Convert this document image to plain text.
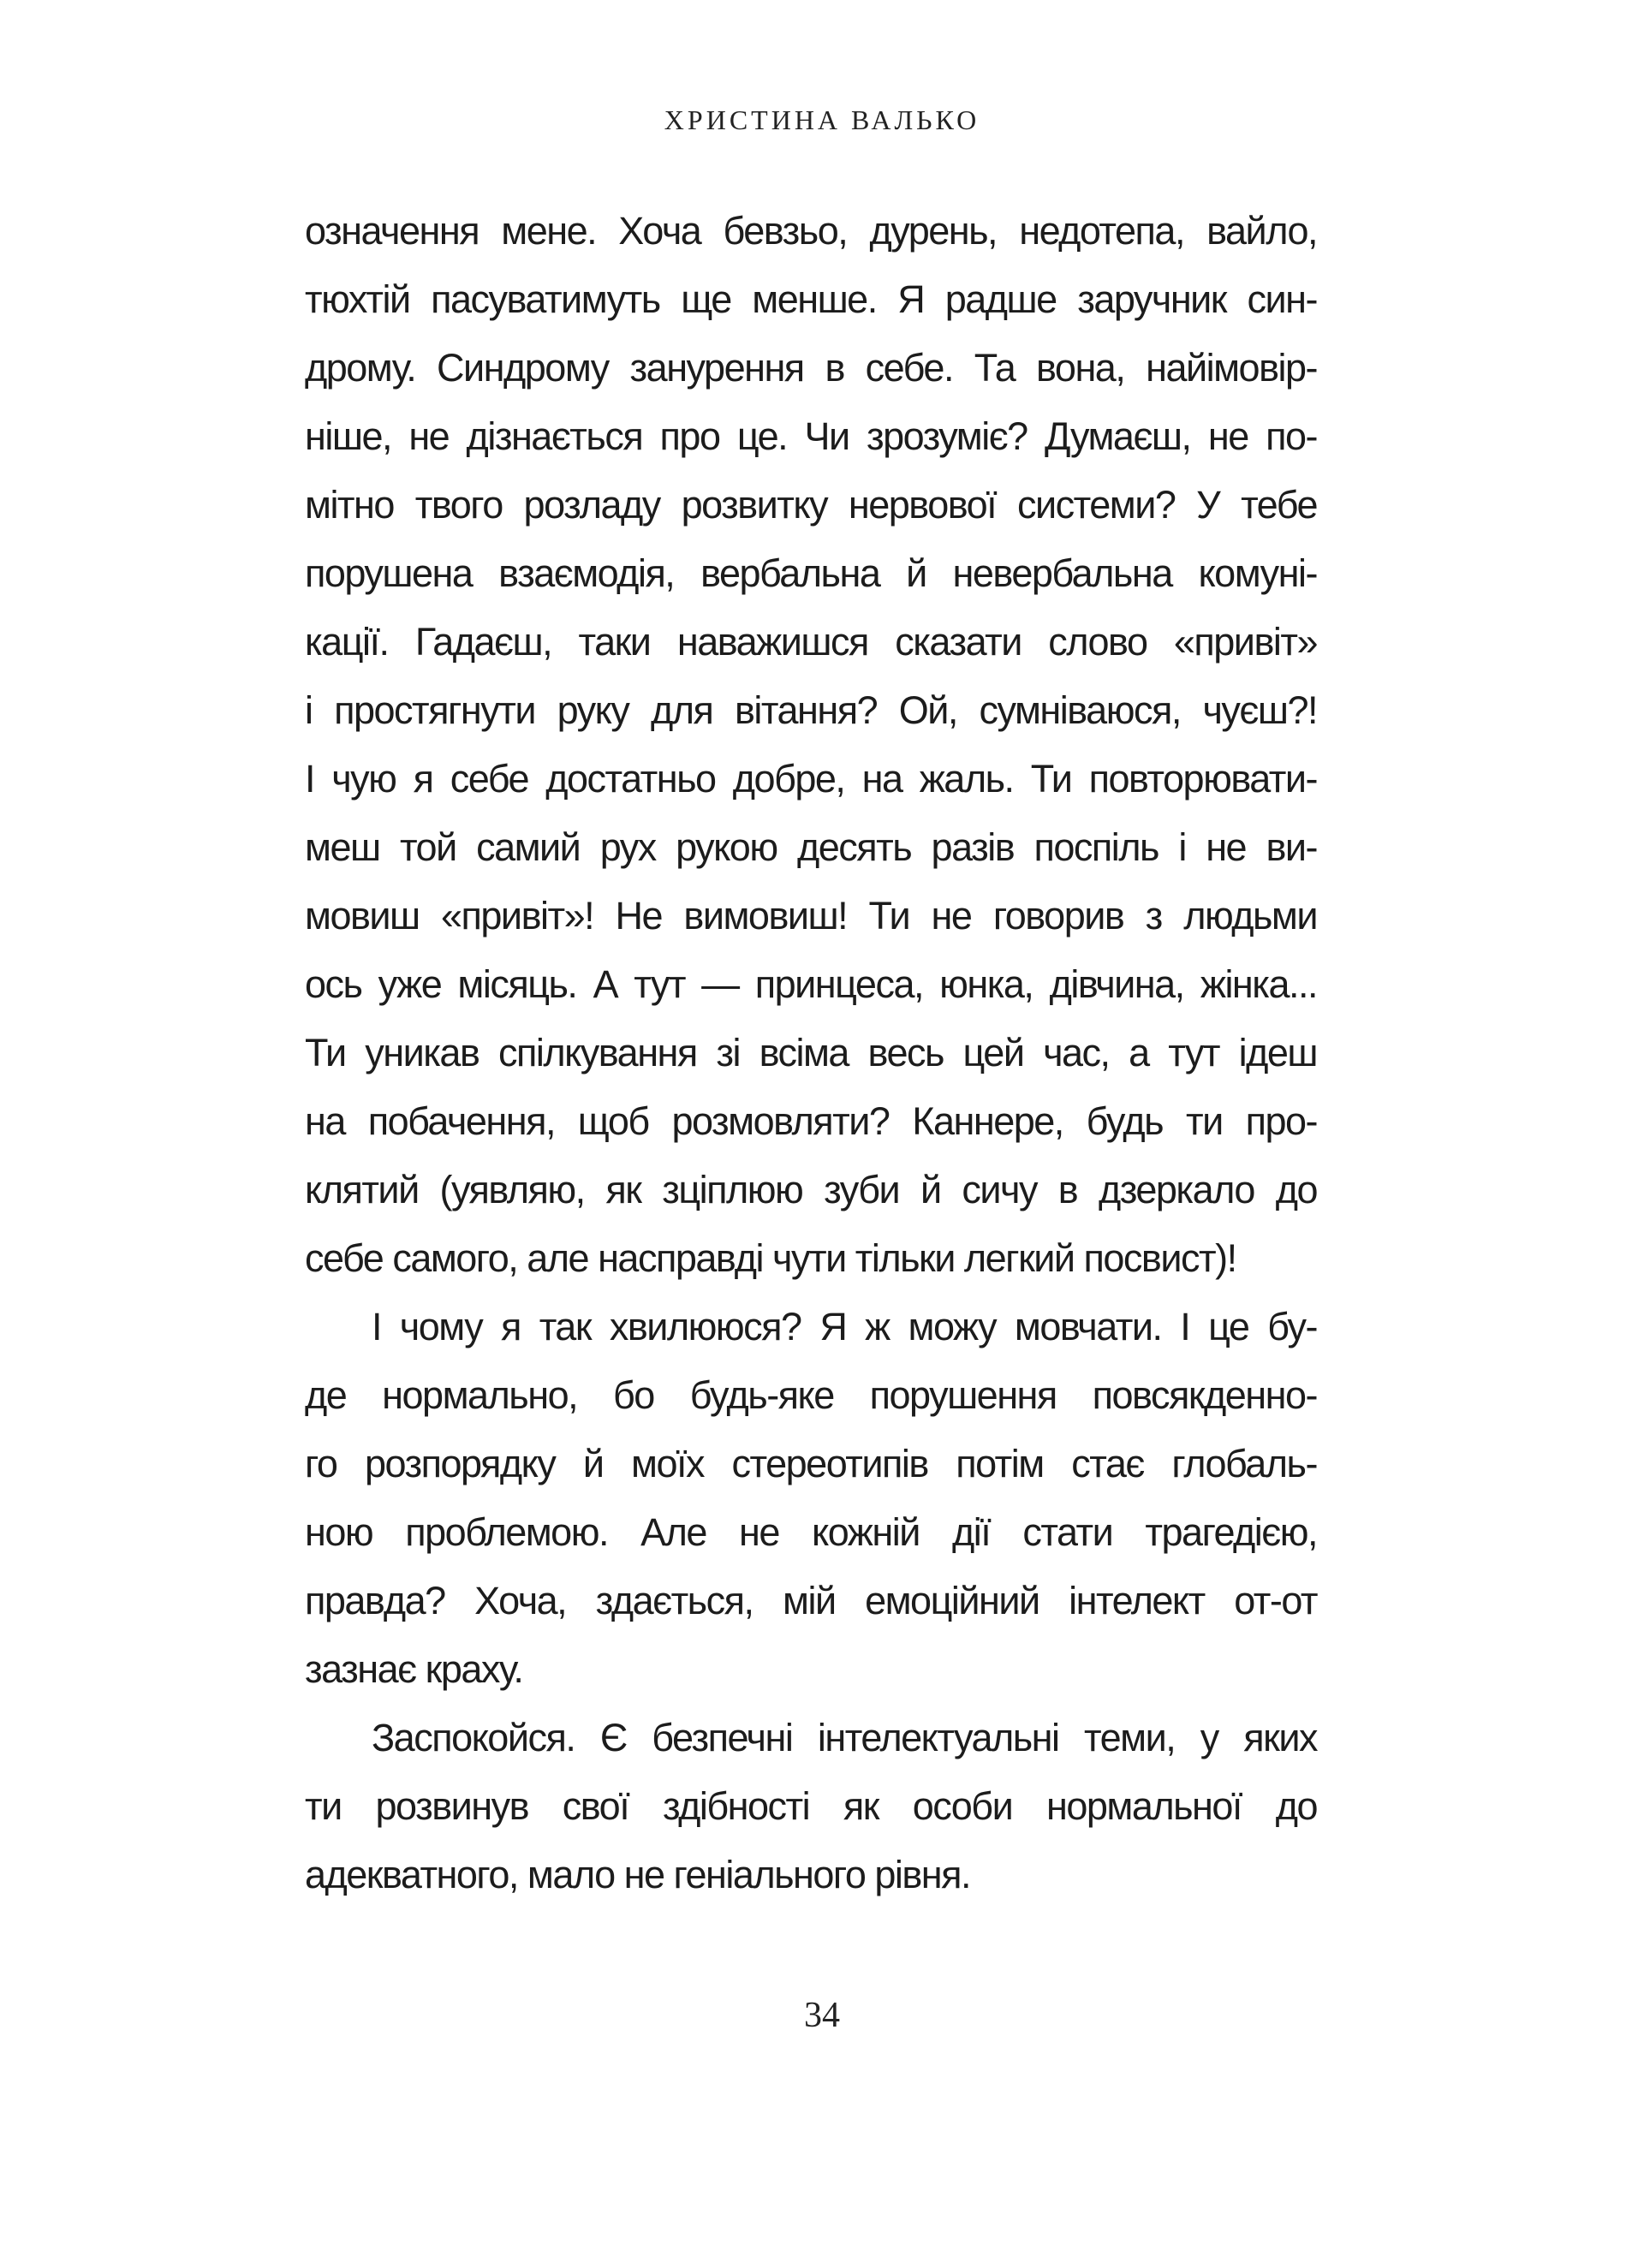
ХРИСТИНА ВАЛЬКО
означення мене. Хоча бевзьо, дурень, недотепа, вайло,
тюхтій пасуватимуть ще менше. Я радше заручник син-
дрому. Синдрому занурення в себе. Та вона, найімовір-
ніше, не дізнається про це. Чи зрозуміє? Думаєш, не по-
мітно твого розладу розвитку нервової системи? У тебе
порушена взаємодія, вербальна й невербальна комуні-
кації. Гадаєш, таки наважишся сказати слово «привіт»
і простягнути руку для вітання? Ой, сумніваюся, чуєш?!
І чую я себе достатньо добре, на жаль. Ти повторювати-
меш той самий рух рукою десять разів поспіль і не ви-
мовиш «привіт»! Не вимовиш! Ти не говорив з людьми
ось уже місяць. А тут — принцеса, юнка, дівчина, жінка...
Ти уникав спілкування зі всіма весь цей час, а тут ідеш
на побачення, щоб розмовляти? Каннере, будь ти про-
клятий (уявляю, як зціплюю зуби й сичу в дзеркало до
себе самого, але насправді чути тільки легкий посвист)!
І чому я так хвилююся? Я ж можу мовчати. І це бу-
де нормально, бо будь-яке порушення повсякденно-
го розпорядку й моїх стереотипів потім стає глобаль-
ною проблемою. Але не кожній дії стати трагедією,
правда? Хоча, здається, мій емоційний інтелект от-от
зазнає краху.
Заспокойся. Є безпечні інтелектуальні теми, у яких
ти розвинув свої здібності як особи нормальної до
адекватного, мало не геніального рівня.
34
